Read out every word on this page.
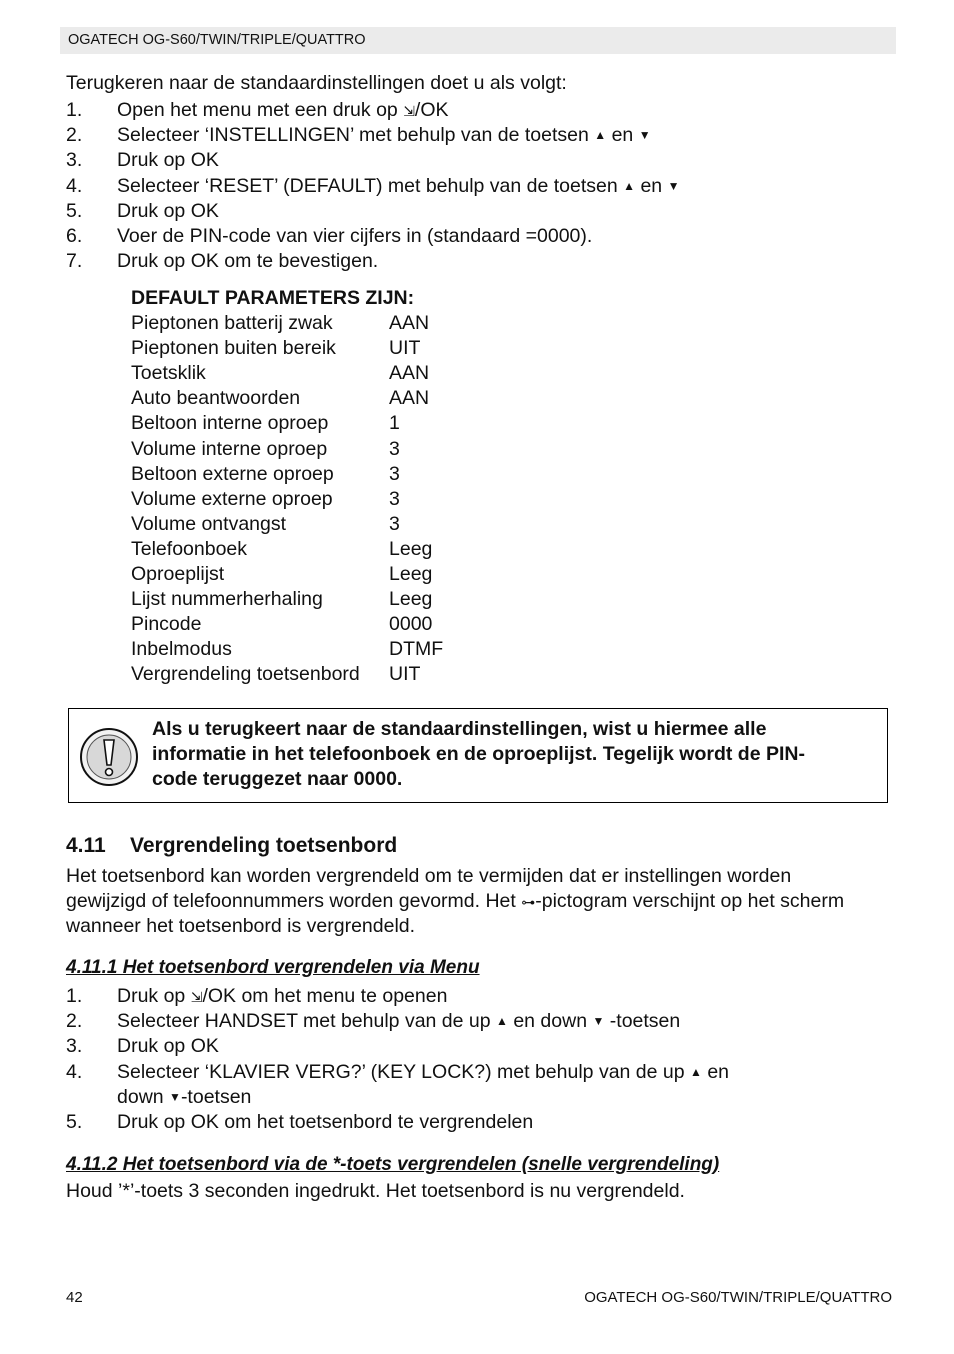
OGATECH OG-S60/TWIN/TRIPLE/QUATTRO
Terugkeren naar de standaardinstellingen doet u als volgt:
1. Open het menu met een druk op ⇲/OK
2. Selecteer ‘INSTELLINGEN’ met behulp van de toetsen ▲ en ▼
3. Druk op OK
4. Selecteer ‘RESET’ (DEFAULT) met behulp van de toetsen ▲ en ▼
5. Druk op OK
6. Voer de PIN-code van vier cijfers in (standaard =0000).
7. Druk op OK om te bevestigen.
DEFAULT PARAMETERS ZIJN:
Pieptonen batterij zwak	AAN
Pieptonen buiten bereik	UIT
Toetsklik	AAN
Auto beantwoorden	AAN
Beltoon interne oproep	1
Volume interne oproep	3
Beltoon externe oproep	3
Volume externe oproep	3
Volume ontvangst	3
Telefoonboek	Leeg
Oproeplijst	Leeg
Lijst nummerherhaling	Leeg
Pincode	0000
Inbelmodus	DTMF
Vergrendeling toetsenbord UIT
Als u terugkeert naar de standaardinstellingen, wist u hiermee alle
informatie in het telefoonboek en de oproeplijst. Tegelijk wordt de PIN-
code teruggezet naar 0000.
4.11 Vergrendeling toetsenbord
Het toetsenbord kan worden vergrendeld om te vermijden dat er instellingen worden
gewijzigd of telefoonnummers worden gevormd. Het ⊶-pictogram verschijnt op het scherm
wanneer het toetsenbord is vergrendeld.
4.11.1 Het toetsenbord vergrendelen via Menu
1. Druk op ⇲/OK om het menu te openen
2. Selecteer HANDSET met behulp van de up ▲ en down ▼ -toetsen
3. Druk op OK
4. Selecteer ‘KLAVIER VERG?’ (KEY LOCK?) met behulp van de up ▲ en
down ▼-toetsen
5. Druk op OK om het toetsenbord te vergrendelen
4.11.2 Het toetsenbord via de *-toets vergrendelen (snelle vergrendeling)
Houd ’*’-toets 3 seconden ingedrukt. Het toetsenbord is nu vergrendeld.
42	OGATECH OG-S60/TWIN/TRIPLE/QUATTRO
